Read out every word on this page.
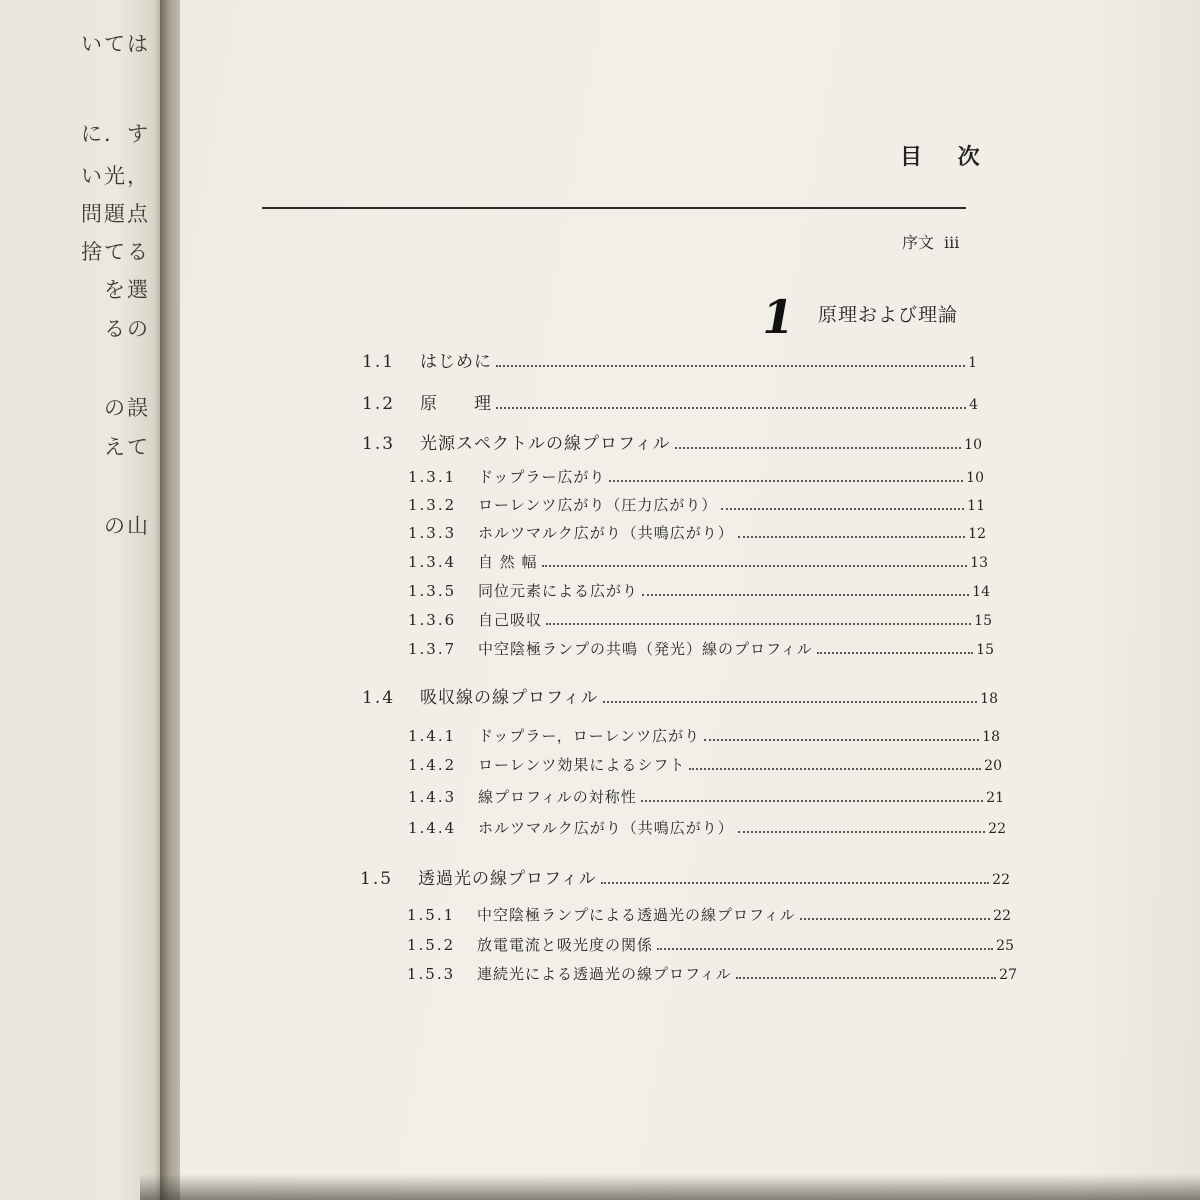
いては
に．す
い光，
問題点
捨てる
を選
るの
の誤
えて
の山
目 次
序文 iii
1 原理および理論
1.1	はじめに	1
1.2	原　　理	4
1.3	光源スペクトルの線プロフィル	10
1.3.1	ドップラー広がり	10
1.3.2	ローレンツ広がり（圧力広がり）	11
1.3.3	ホルツマルク広がり（共鳴広がり）	12
1.3.4	自 然 幅	13
1.3.5	同位元素による広がり	14
1.3.6	自己吸収	15
1.3.7	中空陰極ランプの共鳴（発光）線のプロフィル	15
1.4	吸収線の線プロフィル	18
1.4.1	ドップラー，ローレンツ広がり	18
1.4.2	ローレンツ効果によるシフト	20
1.4.3	線プロフィルの対称性	21
1.4.4	ホルツマルク広がり（共鳴広がり）	22
1.5	透過光の線プロフィル	22
1.5.1	中空陰極ランプによる透過光の線プロフィル	22
1.5.2	放電電流と吸光度の関係	25
1.5.3	連続光による透過光の線プロフィル	27
